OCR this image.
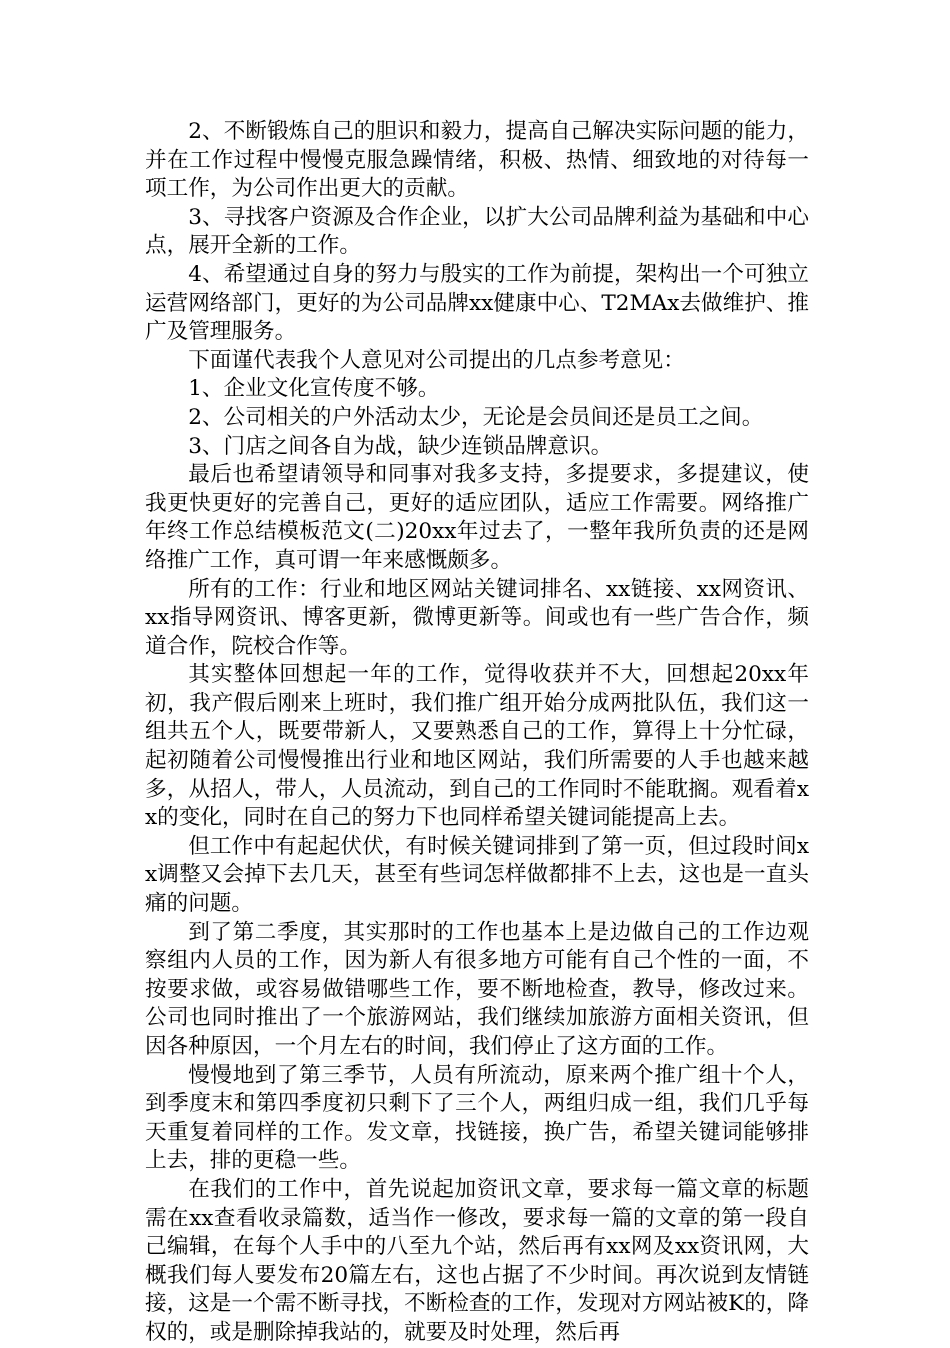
2、不断锻炼自己的胆识和毅力，提高自己解决实际问题的能力，并在工作过程中慢慢克服急躁情绪，积极、热情、细致地的对待每一项工作，为公司作出更大的贡献。

3、寻找客户资源及合作企业，以扩大公司品牌利益为基础和中心点，展开全新的工作。

4、希望通过自身的努力与殷实的工作为前提，架构出一个可独立运营网络部门，更好的为公司品牌xx健康中心、T2MAx去做维护、推广及管理服务。

下面谨代表我个人意见对公司提出的几点参考意见：

1、企业文化宣传度不够。

2、公司相关的户外活动太少，无论是会员间还是员工之间。

3、门店之间各自为战，缺少连锁品牌意识。

最后也希望请领导和同事对我多支持，多提要求，多提建议，使我更快更好的完善自己，更好的适应团队，适应工作需要。网络推广年终工作总结模板范文(二)20xx年过去了，一整年我所负责的还是网络推广工作，真可谓一年来感慨颇多。

所有的工作：行业和地区网站关键词排名、xx链接、xx网资讯、xx指导网资讯、博客更新，微博更新等。间或也有一些广告合作，频道合作，院校合作等。

其实整体回想起一年的工作，觉得收获并不大，回想起20xx年初，我产假后刚来上班时，我们推广组开始分成两批队伍，我们这一组共五个人，既要带新人，又要熟悉自己的工作，算得上十分忙碌，起初随着公司慢慢推出行业和地区网站，我们所需要的人手也越来越多，从招人，带人，人员流动，到自己的工作同时不能耽搁。观看着xx的变化，同时在自己的努力下也同样希望关键词能提高上去。

但工作中有起起伏伏，有时候关键词排到了第一页，但过段时间xx调整又会掉下去几天，甚至有些词怎样做都排不上去，这也是一直头痛的问题。

到了第二季度，其实那时的工作也基本上是边做自己的工作边观察组内人员的工作，因为新人有很多地方可能有自己个性的一面，不按要求做，或容易做错哪些工作，要不断地检查，教导，修改过来。公司也同时推出了一个旅游网站，我们继续加旅游方面相关资讯，但因各种原因，一个月左右的时间，我们停止了这方面的工作。

慢慢地到了第三季节，人员有所流动，原来两个推广组十个人，到季度末和第四季度初只剩下了三个人，两组归成一组，我们几乎每天重复着同样的工作。发文章，找链接，换广告，希望关键词能够排上去，排的更稳一些。

在我们的工作中，首先说起加资讯文章，要求每一篇文章的标题需在xx查看收录篇数，适当作一修改，要求每一篇的文章的第一段自己编辑，在每个人手中的八至九个站，然后再有xx网及xx资讯网，大概我们每人要发布20篇左右，这也占据了不少时间。再次说到友情链接，这是一个需不断寻找，不断检查的工作，发现对方网站被K的，降权的，或是删除掉我站的，就要及时处理，然后再
